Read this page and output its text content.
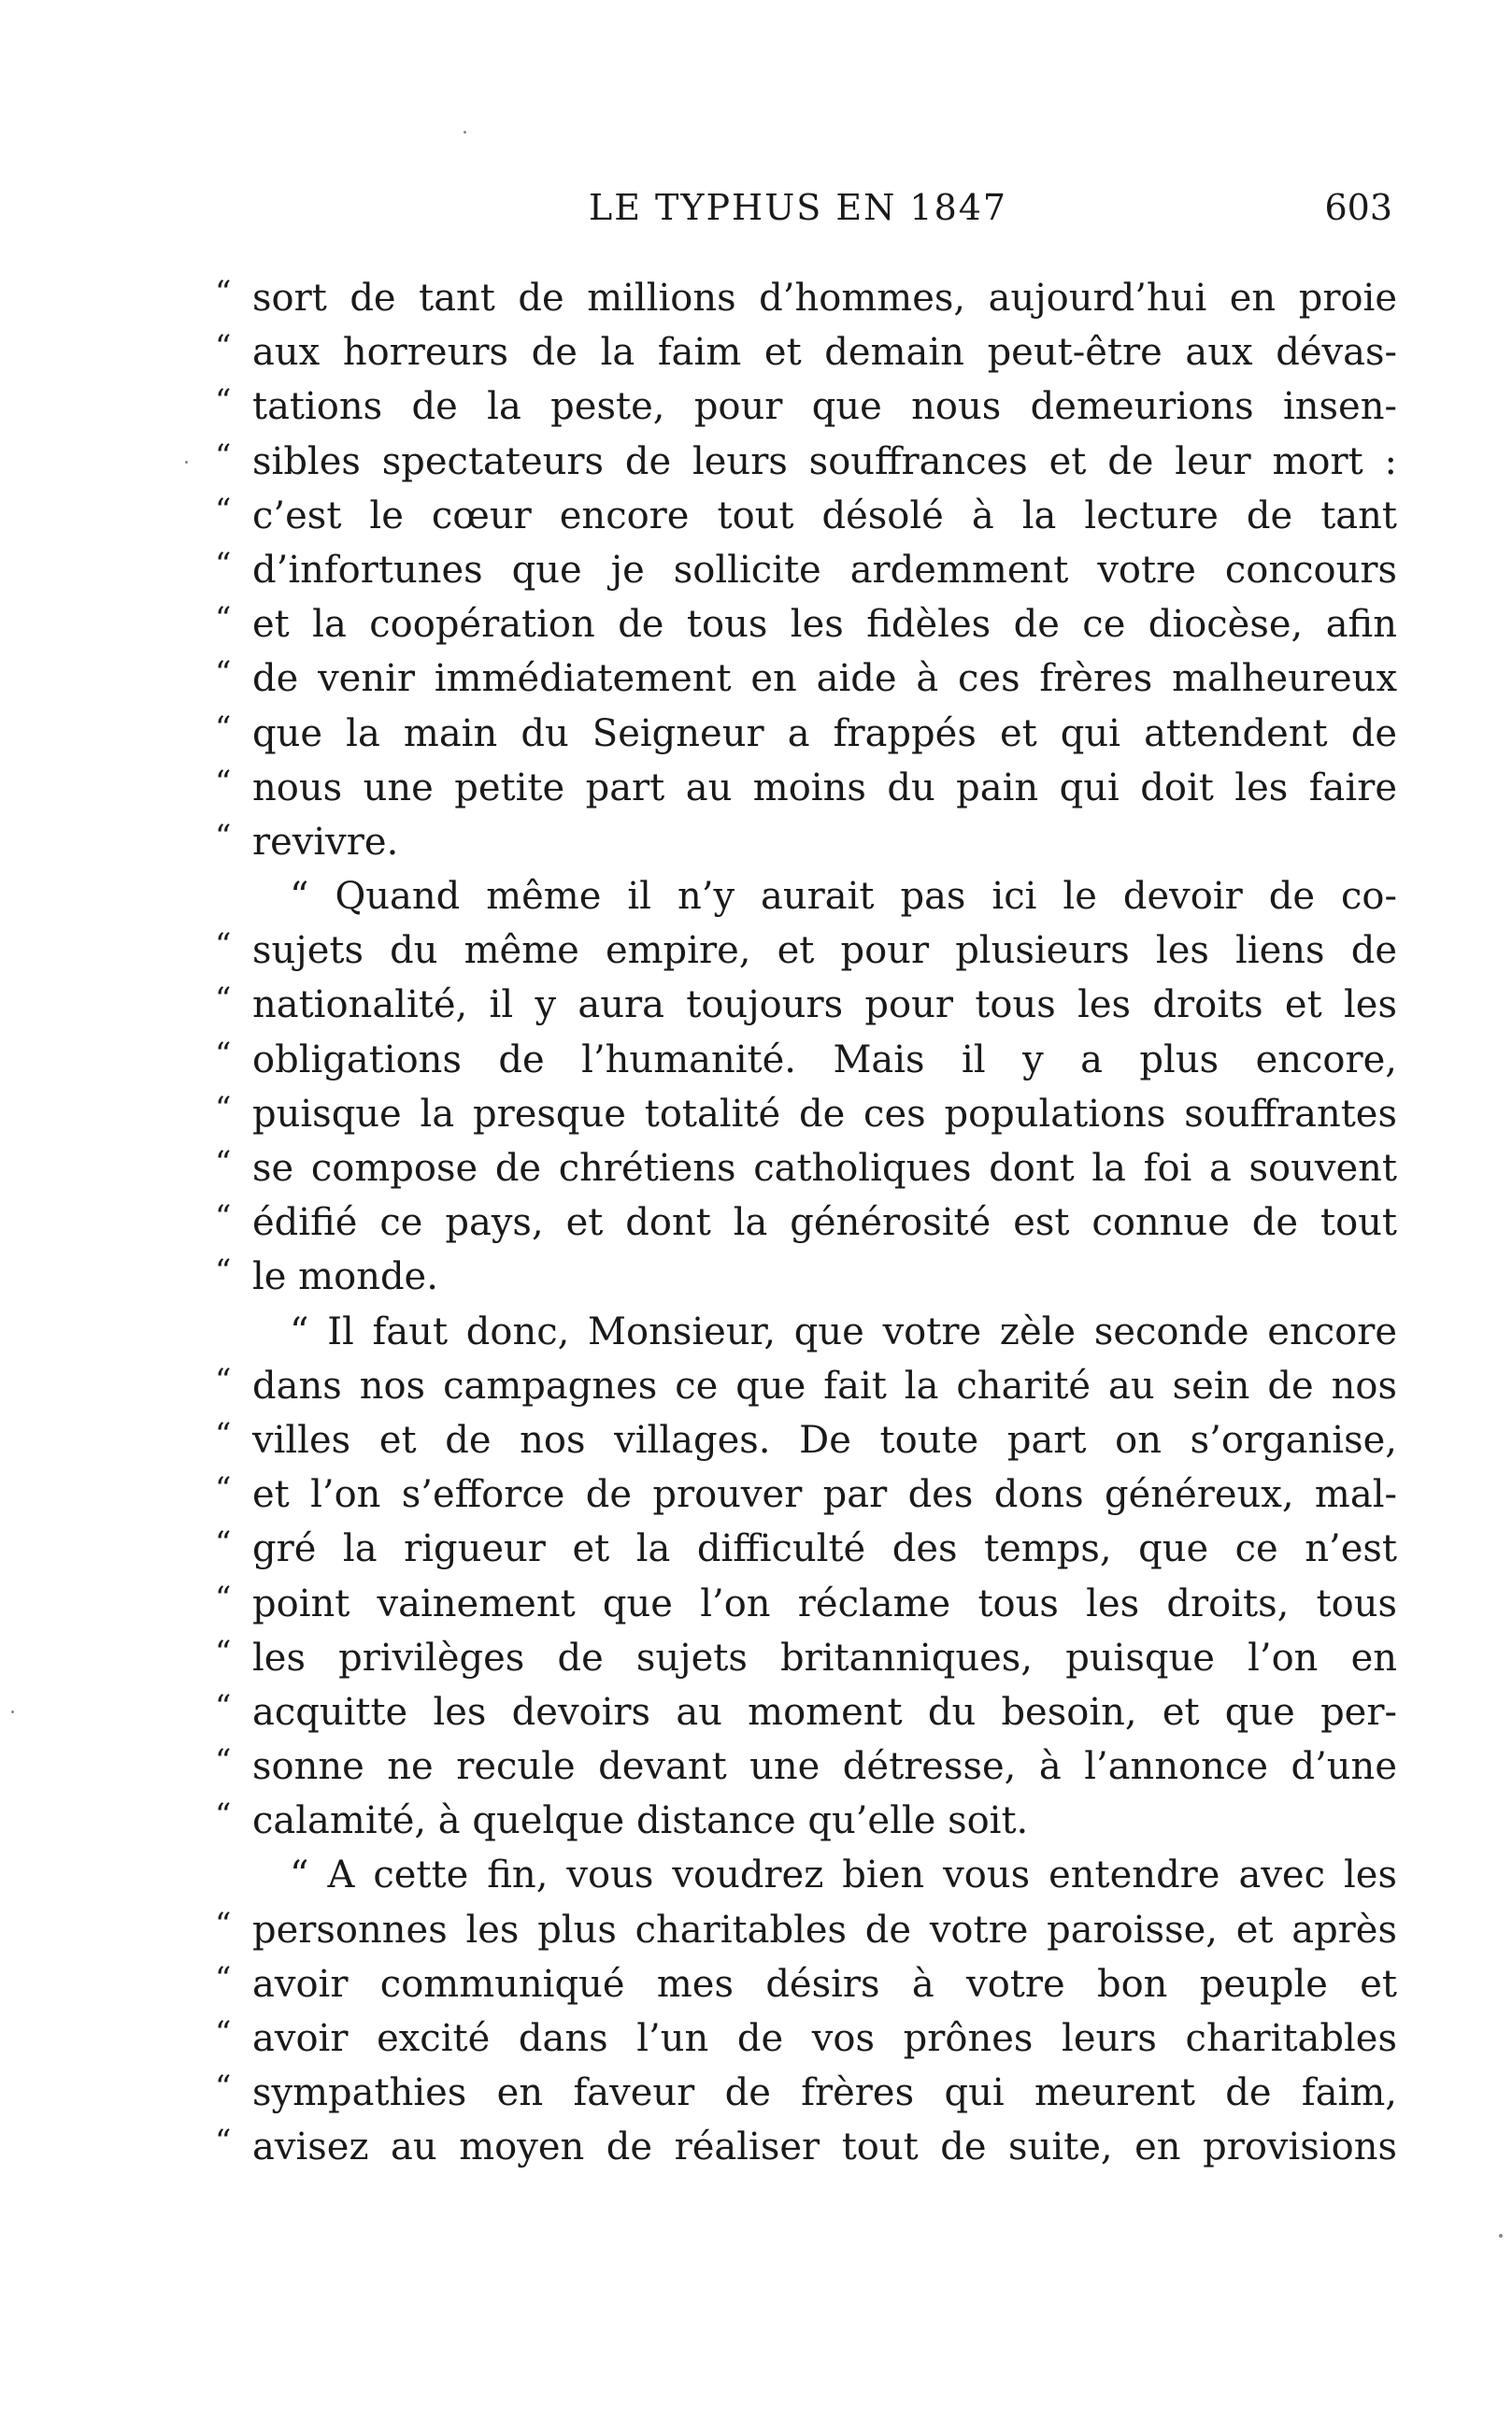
LE TYPHUS EN 1847	603
“ sort de tant de millions d’hommes, aujourd’hui en proie
“ aux horreurs de la faim et demain peut-être aux dévas-
“ tations de la peste, pour que nous demeurions insen-
“ sibles spectateurs de leurs souffrances et de leur mort :
“ c’est le cœur encore tout désolé à la lecture de tant
“ d’infortunes que je sollicite ardemment votre concours
“ et la coopération de tous les fidèles de ce diocèse, afin
“ de venir immédiatement en aide à ces frères malheureux
“ que la main du Seigneur a frappés et qui attendent de
“ nous une petite part au moins du pain qui doit les faire
“ revivre.
“ Quand même il n’y aurait pas ici le devoir de co-
“ sujets du même empire, et pour plusieurs les liens de
“ nationalité, il y aura toujours pour tous les droits et les
“ obligations de l’humanité. Mais il y a plus encore,
“ puisque la presque totalité de ces populations souffrantes
“ se compose de chrétiens catholiques dont la foi a souvent
“ édifié ce pays, et dont la générosité est connue de tout
“ le monde.
“ Il faut donc, Monsieur, que votre zèle seconde encore
“ dans nos campagnes ce que fait la charité au sein de nos
“ villes et de nos villages. De toute part on s’organise,
“ et l’on s’efforce de prouver par des dons généreux, mal-
“ gré la rigueur et la difficulté des temps, que ce n’est
“ point vainement que l’on réclame tous les droits, tous
“ les privilèges de sujets britanniques, puisque l’on en
“ acquitte les devoirs au moment du besoin, et que per-
“ sonne ne recule devant une détresse, à l’annonce d’une
“ calamité, à quelque distance qu’elle soit.
“ A cette fin, vous voudrez bien vous entendre avec les
“ personnes les plus charitables de votre paroisse, et après
“ avoir communiqué mes désirs à votre bon peuple et
“ avoir excité dans l’un de vos prônes leurs charitables
“ sympathies en faveur de frères qui meurent de faim,
“ avisez au moyen de réaliser tout de suite, en provisions
